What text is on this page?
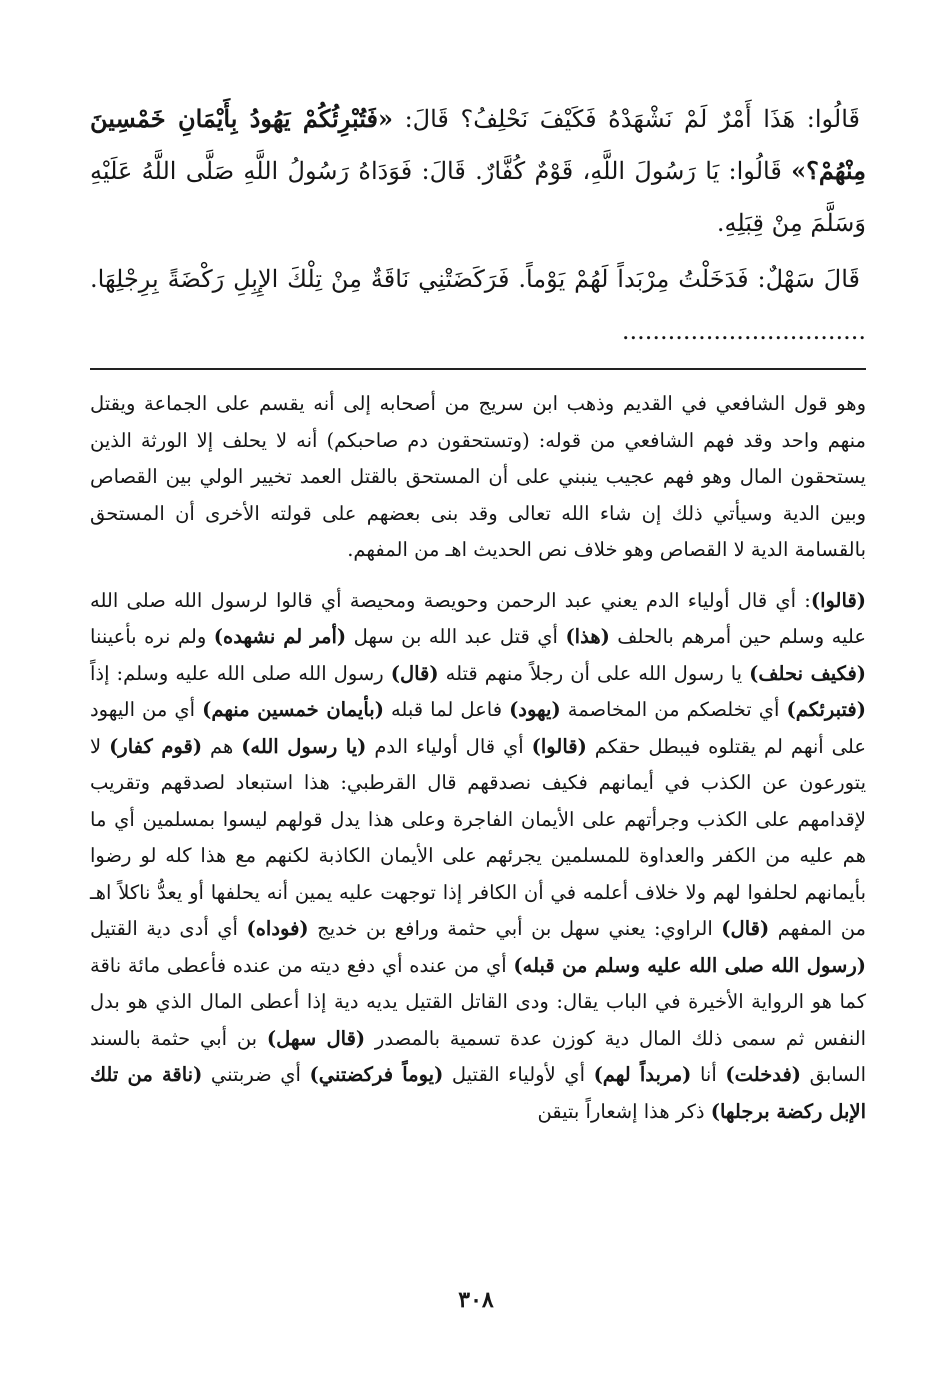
قَالُوا: هَذَا أَمْرٌ لَمْ نَشْهَدْهُ فَكَيْفَ نَحْلِفُ؟ قَالَ: «فَتُبْرِئُكُمْ يَهُودُ بِأَيْمَانِ خَمْسِينَ مِنْهُمْ؟» قَالُوا: يَا رَسُولَ اللَّهِ، قَوْمٌ كُفَّارٌ. قَالَ: فَوَدَاهُ رَسُولُ اللَّهِ صَلَّى اللَّهُ عَلَيْهِ وَسَلَّمَ مِنْ قِبَلِهِ.

قَالَ سَهْلٌ: فَدَخَلْتُ مِرْبَداً لَهُمْ يَوْماً. فَرَكَضَتْنِي نَاقَةٌ مِنْ تِلْكَ الإِبِلِ رَكْضَةً بِرِجْلِهَا. ................................

وهو قول الشافعي في القديم وذهب ابن سريج من أصحابه إلى أنه يقسم على الجماعة ويقتل منهم واحد وقد فهم الشافعي من قوله: (وتستحقون دم صاحبكم) أنه لا يحلف إلا الورثة الذين يستحقون المال وهو فهم عجيب ينبني على أن المستحق بالقتل العمد تخيير الولي بين القصاص وبين الدية وسيأتي ذلك إن شاء الله تعالى وقد بنى بعضهم على قولته الأخرى أن المستحق بالقسامة الدية لا القصاص وهو خلاف نص الحديث اهـ من المفهم.

(قالوا): أي قال أولياء الدم يعني عبد الرحمن وحويصة ومحيصة أي قالوا لرسول الله صلى الله عليه وسلم حين أمرهم بالحلف (هذا) أي قتل عبد الله بن سهل (أمر لم نشهده) ولم نره بأعيننا (فكيف نحلف) يا رسول الله على أن رجلاً منهم قتله (قال) رسول الله صلى الله عليه وسلم: إذاً (فتبرئكم) أي تخلصكم من المخاصمة (يهود) فاعل لما قبله (بأيمان خمسين منهم) أي من اليهود على أنهم لم يقتلوه فيبطل حقكم (قالوا) أي قال أولياء الدم (يا رسول الله) هم (قوم كفار) لا يتورعون عن الكذب في أيمانهم فكيف نصدقهم قال القرطبي: هذا استبعاد لصدقهم وتقريب لإقدامهم على الكذب وجرأتهم على الأيمان الفاجرة وعلى هذا يدل قولهم ليسوا بمسلمين أي ما هم عليه من الكفر والعداوة للمسلمين يجرئهم على الأيمان الكاذبة لكنهم مع هذا كله لو رضوا بأيمانهم لحلفوا لهم ولا خلاف أعلمه في أن الكافر إذا توجهت عليه يمين أنه يحلفها أو يعدُّ ناكلاً اهـ من المفهم (قال) الراوي: يعني سهل بن أبي حثمة ورافع بن خديج (فوداه) أي أدى دية القتيل (رسول الله صلى الله عليه وسلم من قبله) أي من عنده أي دفع ديته من عنده فأعطى مائة ناقة كما هو الرواية الأخيرة في الباب يقال: ودى القاتل القتيل يديه دية إذا أعطى المال الذي هو بدل النفس ثم سمى ذلك المال دية كوزن عدة تسمية بالمصدر (قال سهل) بن أبي حثمة بالسند السابق (فدخلت) أنا (مربداً لهم) أي لأولياء القتيل (يوماً فركضتني) أي ضربتني (ناقة من تلك الإبل ركضة برجلها) ذكر هذا إشعاراً بتيقن

٣٠٨
